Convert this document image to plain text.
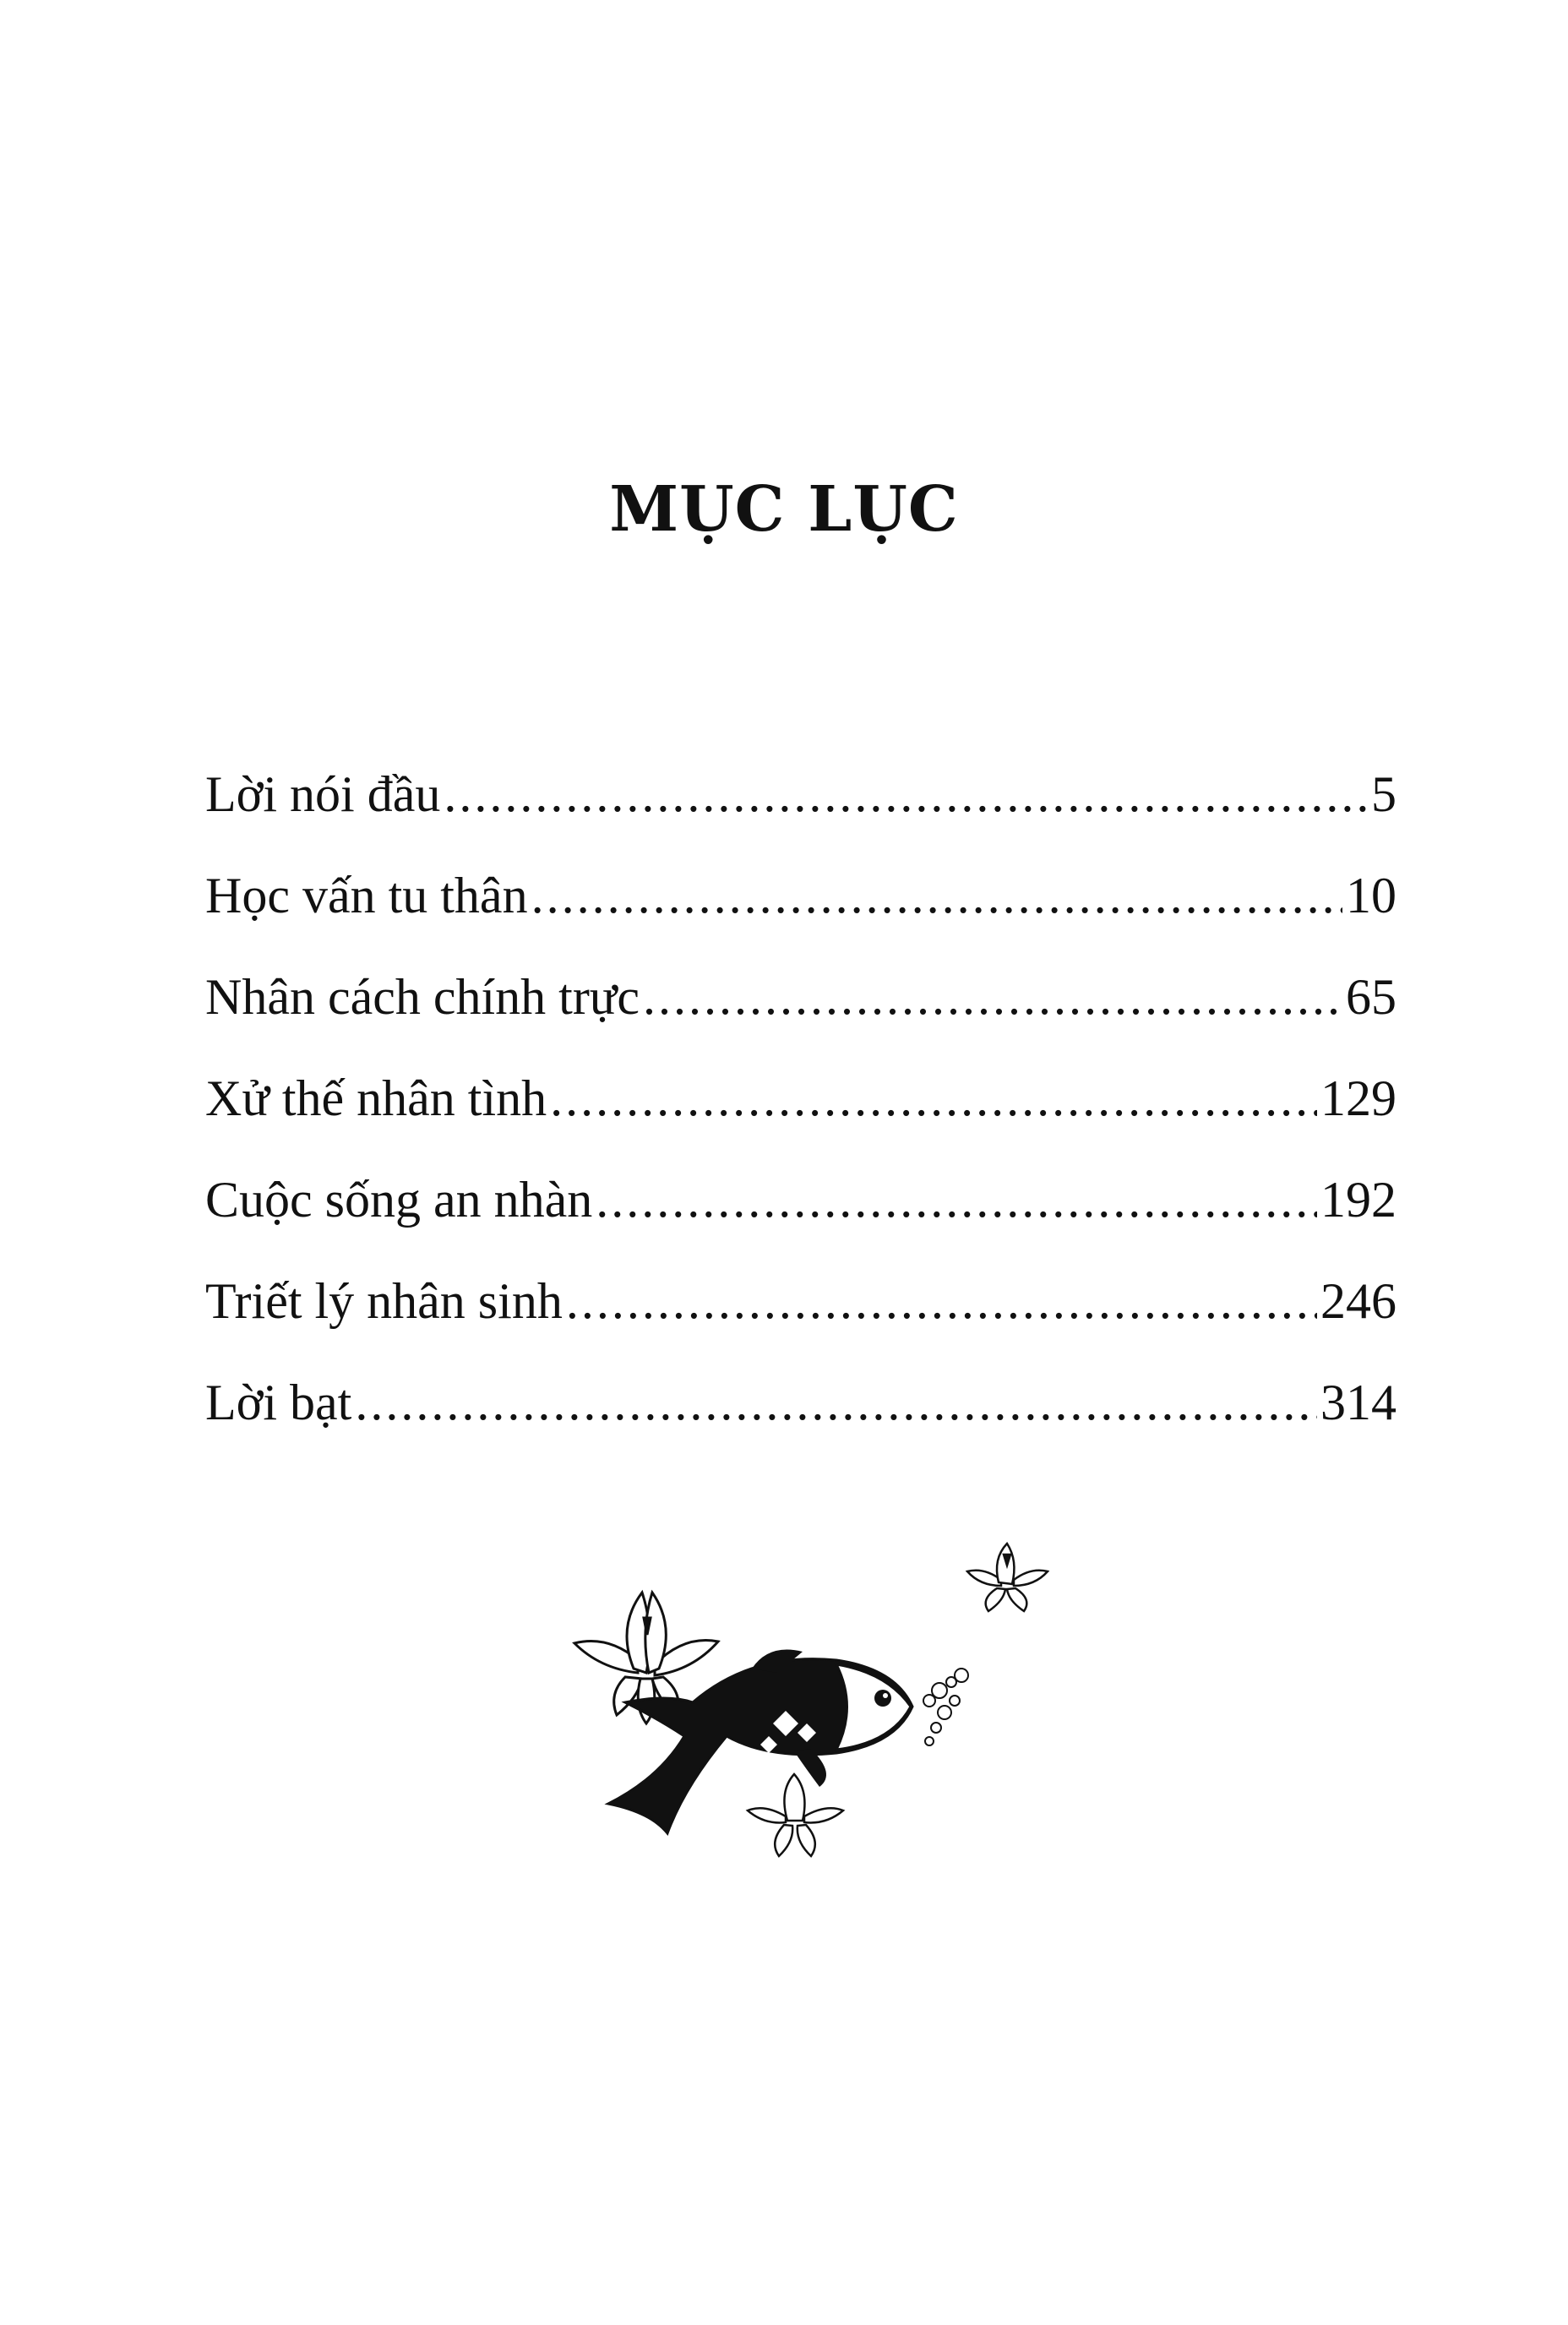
MỤC LỤC
Lời nói đầu .....	5
Học vấn tu thân .....	10
Nhân cách chính trực .....	65
Xử thế nhân tình .....	129
Cuộc sống an nhàn .....	192
Triết lý nhân sinh .....	246
Lời bạt .....	314
